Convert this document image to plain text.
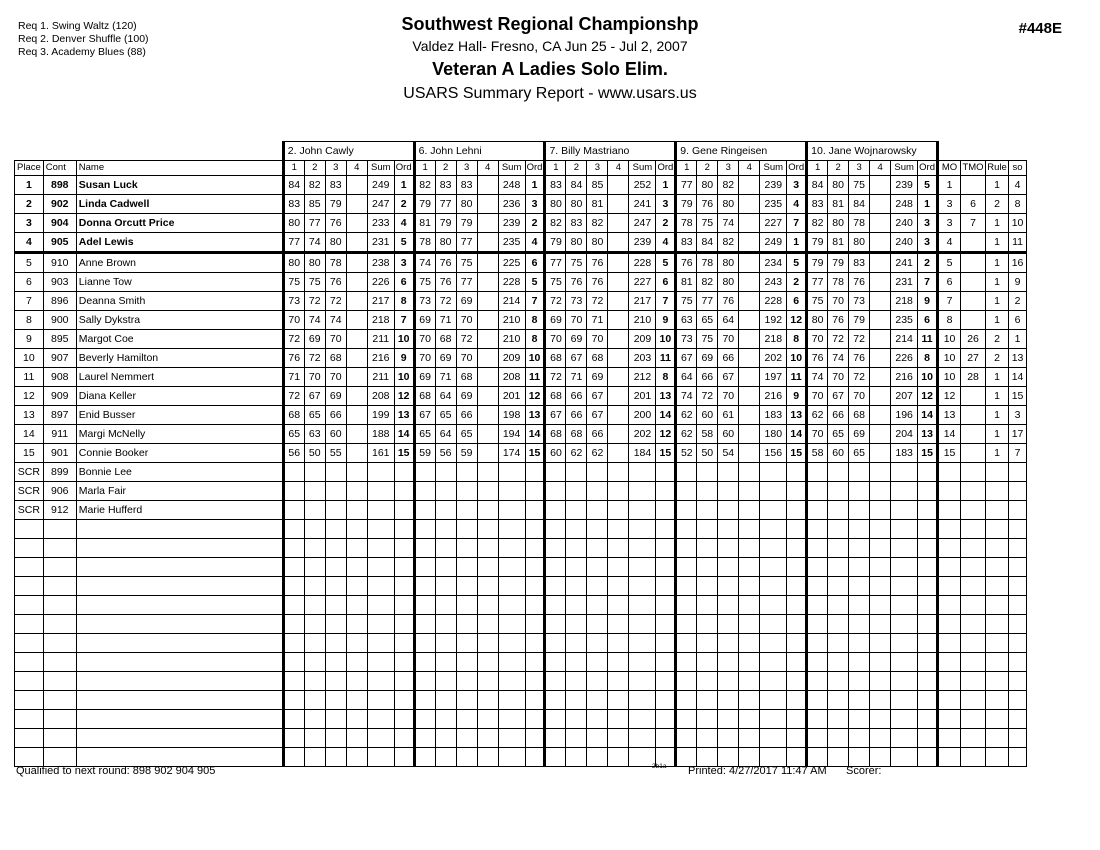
Req 1. Swing Waltz (120)
Req 2. Denver Shuffle (100)
Req 3. Academy Blues (88)
Southwest Regional Championshp
Valdez Hall- Fresno, CA Jun 25 - Jul 2, 2007
Veteran A Ladies Solo Elim.
USARS Summary Report - www.usars.us
#448E
			2. John Cawly						6. John Lehni						7. Billy Mastriano						9. Gene Ringeisen						10. Jane Wojnarowsky									
Place	Cont	Name	1	2	3	4	Sum	Ord	1	2	3	4	Sum	Ord	1	2	3	4	Sum	Ord	1	2	3	4	Sum	Ord	1	2	3	4	Sum	Ord	MO	TMO	Rule	so
1	898	Susan Luck	84	82	83		249	1	82	83	83		248	1	83	84	85		252	1	77	80	82		239	3	84	80	75		239	5	1		1	4
2	902	Linda Cadwell	83	85	79		247	2	79	77	80		236	3	80	80	81		241	3	79	76	80		235	4	83	81	84		248	1	3	6	2	8
3	904	Donna Orcutt Price	80	77	76		233	4	81	79	79		239	2	82	83	82		247	2	78	75	74		227	7	82	80	78		240	3	3	7	1	10
4	905	Adel Lewis	77	74	80		231	5	78	80	77		235	4	79	80	80		239	4	83	84	82		249	1	79	81	80		240	3	4		1	11
5	910	Anne Brown	80	80	78		238	3	74	76	75		225	6	77	75	76		228	5	76	78	80		234	5	79	79	83		241	2	5		1	16
6	903	Lianne Tow	75	75	76		226	6	75	76	77		228	5	75	76	76		227	6	81	82	80		243	2	77	78	76		231	7	6		1	9
7	896	Deanna Smith	73	72	72		217	8	73	72	69		214	7	72	73	72		217	7	75	77	76		228	6	75	70	73		218	9	7		1	2
8	900	Sally Dykstra	70	74	74		218	7	69	71	70		210	8	69	70	71		210	9	63	65	64		192	12	80	76	79		235	6	8		1	6
9	895	Margot Coe	72	69	70		211	10	70	68	72		210	8	70	69	70		209	10	73	75	70		218	8	70	72	72		214	11	10	26	2	1
10	907	Beverly Hamilton	76	72	68		216	9	70	69	70		209	10	68	67	68		203	11	67	69	66		202	10	76	74	76		226	8	10	27	2	13
11	908	Laurel Nemmert	71	70	70		211	10	69	71	68		208	11	72	71	69		212	8	64	66	67		197	11	74	70	72		216	10	10	28	1	14
12	909	Diana Keller	72	67	69		208	12	68	64	69		201	12	68	66	67		201	13	74	72	70		216	9	70	67	70		207	12	12		1	15
13	897	Enid Busser	68	65	66		199	13	67	65	66		198	13	67	66	67		200	14	62	60	61		183	13	62	66	68		196	14	13		1	3
14	911	Margi McNelly	65	63	60		188	14	65	64	65		194	14	68	68	66		202	12	62	58	60		180	14	70	65	69		204	13	14		1	17
15	901	Connie Booker	56	50	55		161	15	59	56	59		174	15	60	62	62		184	15	52	50	54		156	15	58	60	65		183	15	15		1	7
SCR	899	Bonnie Lee																																		
SCR	906	Marla Fair																																		
SCR	912	Marie Hufferd																																		

Qualified to next round: 898 902 904 905	2b1a Printed: 4/27/2017 11:47 AM Scorer:
